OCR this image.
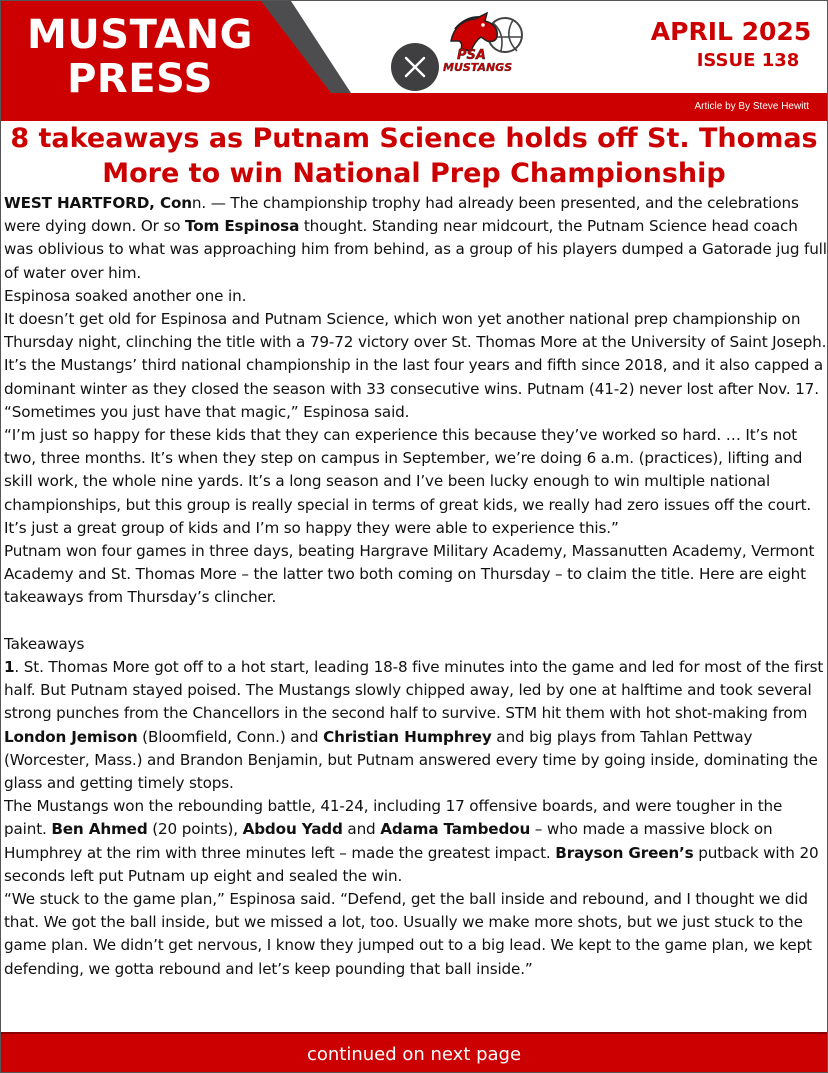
MUSTANG
PRESS
PSA
MUSTANGS
APRIL 2025
ISSUE 138
Article by By Steve Hewitt
8 takeaways as Putnam Science holds off St. Thomas
More to win National Prep Championship

WEST HARTFORD, Conn. — The championship trophy had already been presented, and the celebrations were dying down. Or so Tom Espinosa thought. Standing near midcourt, the Putnam Science head coach was oblivious to what was approaching him from behind, as a group of his players dumped a Gatorade jug full of water over him.

Espinosa soaked another one in.

It doesn’t get old for Espinosa and Putnam Science, which won yet another national prep championship on Thursday night, clinching the title with a 79-72 victory over St. Thomas More at the University of Saint Joseph. It’s the Mustangs’ third national championship in the last four years and fifth since 2018, and it also capped a dominant winter as they closed the season with 33 consecutive wins. Putnam (41-2) never lost after Nov. 17.

“Sometimes you just have that magic,” Espinosa said.

“I’m just so happy for these kids that they can experience this because they’ve worked so hard. … It’s not two, three months. It’s when they step on campus in September, we’re doing 6 a.m. (practices), lifting and skill work, the whole nine yards. It’s a long season and I’ve been lucky enough to win multiple national championships, but this group is really special in terms of great kids, we really had zero issues off the court. It’s just a great group of kids and I’m so happy they were able to experience this.”

Putnam won four games in three days, beating Hargrave Military Academy, Massanutten Academy, Vermont Academy and St. Thomas More – the latter two both coming on Thursday – to claim the title. Here are eight takeaways from Thursday’s clincher.

Takeaways

1. St. Thomas More got off to a hot start, leading 18-8 five minutes into the game and led for most of the first half. But Putnam stayed poised. The Mustangs slowly chipped away, led by one at halftime and took several strong punches from the Chancellors in the second half to survive. STM hit them with hot shot-making from London Jemison (Bloomfield, Conn.) and Christian Humphrey and big plays from Tahlan Pettway (Worcester, Mass.) and Brandon Benjamin, but Putnam answered every time by going inside, dominating the glass and getting timely stops.

The Mustangs won the rebounding battle, 41-24, including 17 offensive boards, and were tougher in the paint. Ben Ahmed (20 points), Abdou Yadd and Adama Tambedou – who made a massive block on Humphrey at the rim with three minutes left – made the greatest impact. Brayson Green’s putback with 20 seconds left put Putnam up eight and sealed the win.

“We stuck to the game plan,” Espinosa said. “Defend, get the ball inside and rebound, and I thought we did that. We got the ball inside, but we missed a lot, too. Usually we make more shots, but we just stuck to the game plan. We didn’t get nervous, I know they jumped out to a big lead. We kept to the game plan, we kept defending, we gotta rebound and let’s keep pounding that ball inside.”

continued on next page
